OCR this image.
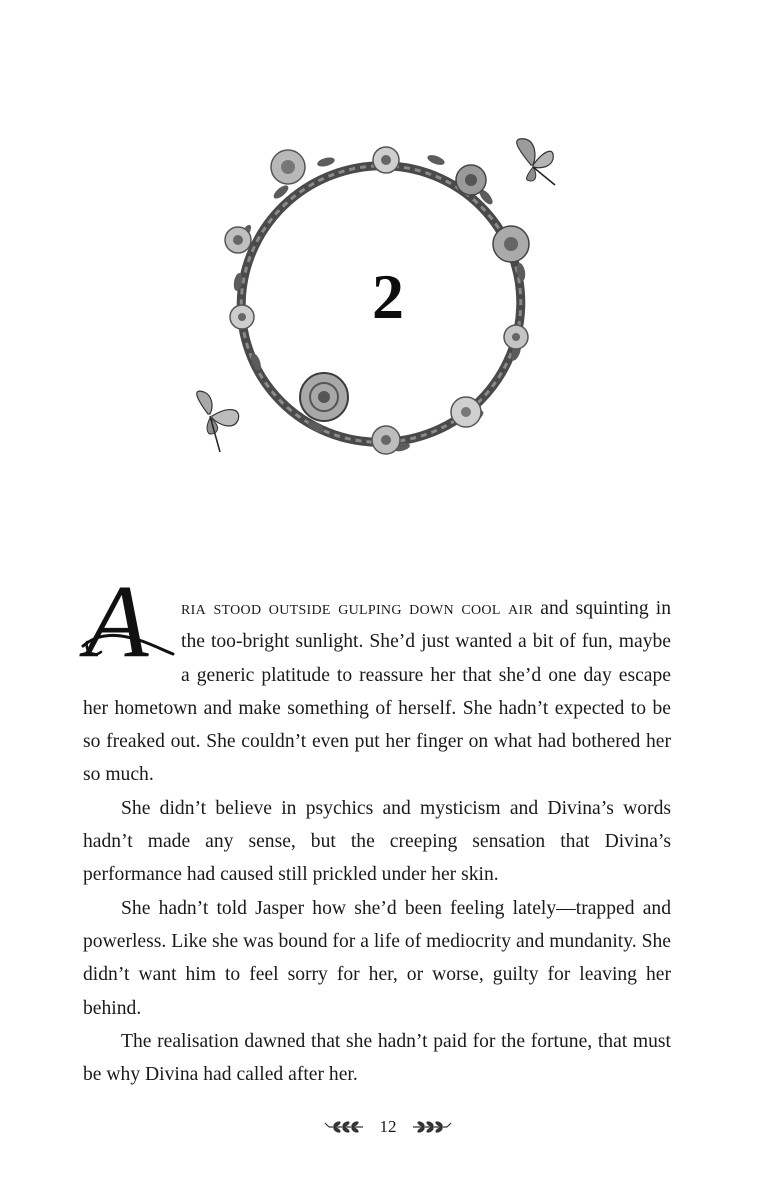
2

A ria stood outside gulping down cool air and squinting in the too-bright sunlight. She’d just wanted a bit of fun, maybe a generic platitude to reassure her that she’d one day escape her hometown and make something of herself. She hadn’t expected to be so freaked out. She couldn’t even put her finger on what had bothered her so much.

She didn’t believe in psychics and mysticism and Divina’s words hadn’t made any sense, but the creeping sensation that Divina’s performance had caused still prickled under her skin.

She hadn’t told Jasper how she’d been feeling lately—trapped and powerless. Like she was bound for a life of mediocrity and mundanity. She didn’t want him to feel sorry for her, or worse, guilty for leaving her behind.

The realisation dawned that she hadn’t paid for the fortune, that must be why Divina had called after her.

12
